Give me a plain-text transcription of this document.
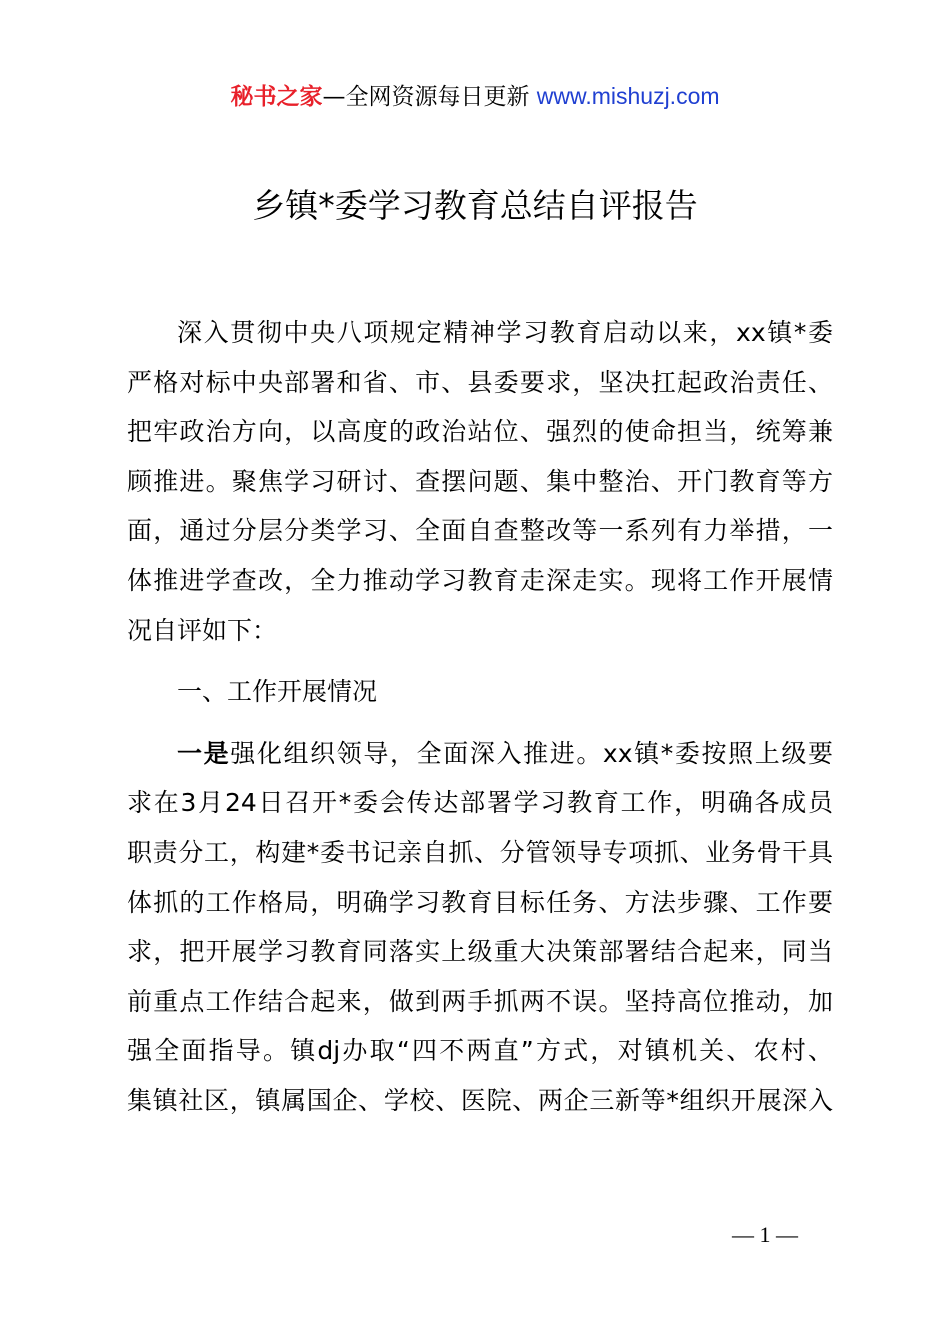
秘书之家—全网资源每日更新 www.mishuzj.com
乡镇*委学习教育总结自评报告
深入贯彻中央八项规定精神学习教育启动以来，xx镇*委
严格对标中央部署和省、市、县委要求，坚决扛起政治责任、
把牢政治方向，以高度的政治站位、强烈的使命担当，统筹兼
顾推进。聚焦学习研讨、查摆问题、集中整治、开门教育等方
面，通过分层分类学习、全面自查整改等一系列有力举措，一
体推进学查改，全力推动学习教育走深走实。现将工作开展情
况自评如下：
一、工作开展情况
一是强化组织领导，全面深入推进。xx镇*委按照上级要
求在3月24日召开*委会传达部署学习教育工作，明确各成员
职责分工，构建*委书记亲自抓、分管领导专项抓、业务骨干具
体抓的工作格局，明确学习教育目标任务、方法步骤、工作要
求，把开展学习教育同落实上级重大决策部署结合起来，同当
前重点工作结合起来，做到两手抓两不误。坚持高位推动，加
强全面指导。镇dj办取“四不两直”方式，对镇机关、农村、
集镇社区，镇属国企、学校、医院、两企三新等*组织开展深入
— 1 —
